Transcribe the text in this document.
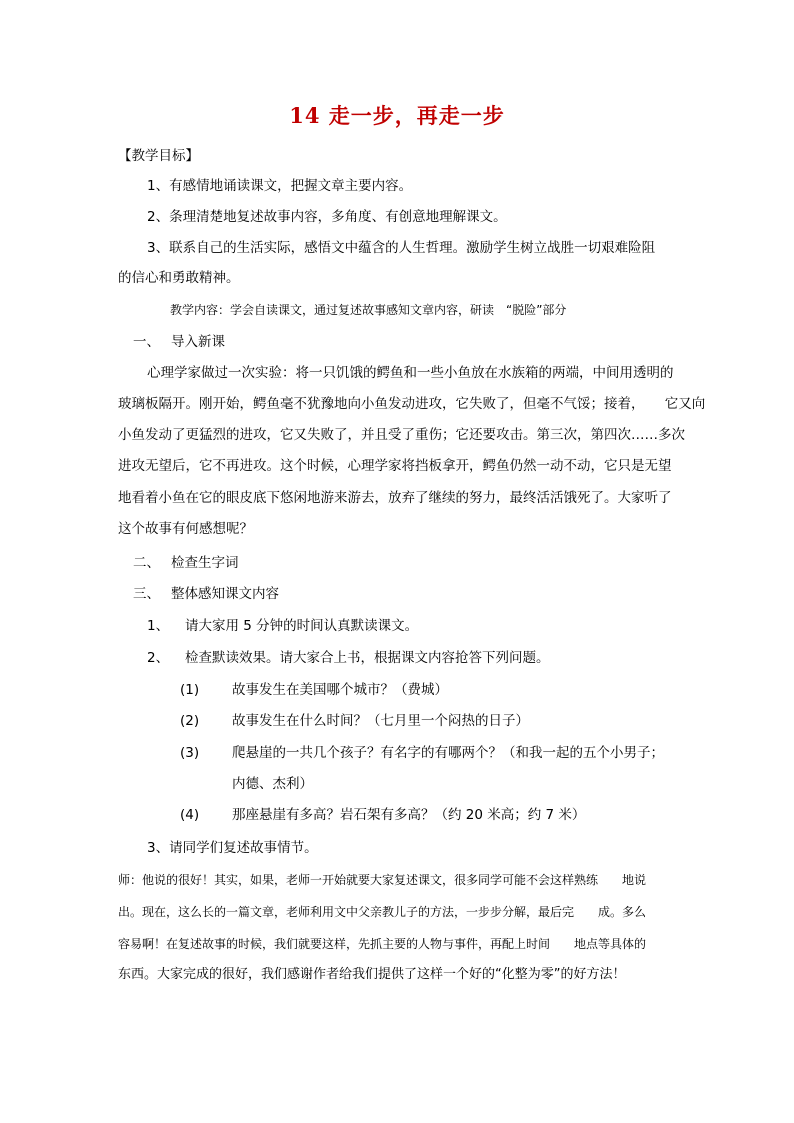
14 走一步，再走一步
【教学目标】
1、有感情地诵读课文，把握文章主要内容。
2、条理清楚地复述故事内容，多角度、有创意地理解课文。
3、联系自己的生活实际，感悟文中蕴含的人生哲理。激励学生树立战胜一切艰难险阻
的信心和勇敢精神。
教学内容：学会自读课文，通过复述故事感知文章内容，研读　“脱险”部分
一、 导入新课
心理学家做过一次实验：将一只饥饿的鳄鱼和一些小鱼放在水族箱的两端，中间用透明的
玻璃板隔开。刚开始，鳄鱼毫不犹豫地向小鱼发动进攻，它失败了，但毫不气馁；接着，　　它又向
小鱼发动了更猛烈的进攻，它又失败了，并且受了重伤；它还要攻击。第三次，第四次……多次
进攻无望后，它不再进攻。这个时候，心理学家将挡板拿开，鳄鱼仍然一动不动，它只是无望
地看着小鱼在它的眼皮底下悠闲地游来游去，放弃了继续的努力，最终活活饿死了。大家听了
这个故事有何感想呢？
二、 检查生字词
三、 整体感知课文内容
1、 请大家用 5 分钟的时间认真默读课文。
2、 检查默读效果。请大家合上书，根据课文内容抢答下列问题。
(1) 故事发生在美国哪个城市？（费城）
(2) 故事发生在什么时间？（七月里一个闷热的日子）
(3) 爬悬崖的一共几个孩子？有名字的有哪两个？（和我一起的五个小男子；
内德、杰利）
(4) 那座悬崖有多高？岩石架有多高？（约 20 米高；约 7 米）
3、请同学们复述故事情节。
师：他说的很好！其实，如果，老师一开始就要大家复述课文，很多同学可能不会这样熟练　　地说
出。现在，这么长的一篇文章，老师利用文中父亲教儿子的方法，一步步分解，最后完　　成。多么
容易啊！在复述故事的时候，我们就要这样，先抓主要的人物与事件，再配上时间　　地点等具体的
东西。大家完成的很好，我们感谢作者给我们提供了这样一个好的“化整为零”的好方法！
